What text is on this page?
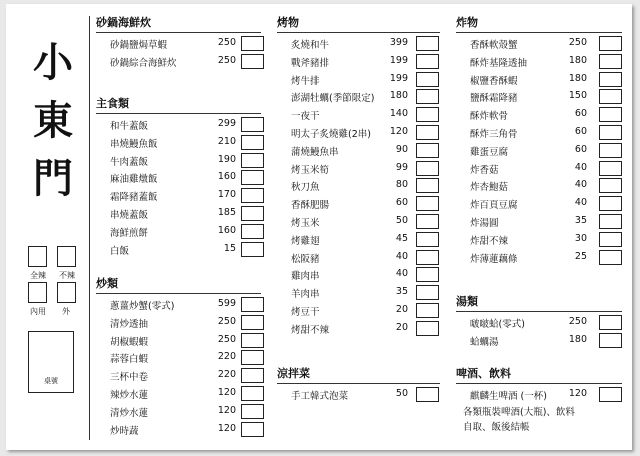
小東門
全辣 不辣
內用 外
桌號
砂鍋海鮮炊
砂鍋鹽焗草蝦	250
砂鍋綜合海鮮炊	250
主食類
和牛蓋飯	299
串燒鰻魚飯	210
牛肉蓋飯	190
麻油雞燉飯	160
霜降豬蓋飯	170
串燒蓋飯	185
海鮮煎餅	160
白飯	15
炒類
蔥薑炒蟹(零式)	599
清炒透抽	250
胡椒蝦蝦	250
蒜蓉白蝦	220
三杯中卷	220
辣炒水蓮	120
清炒水蓮	120
炒時蔬	120
烤物
炙燒和牛	399
戰斧豬排	199
烤牛排	199
澎湖牡蠣(季節限定)	180
一夜干	140
明太子炙燒雞(2串)	120
蒲燒鰻魚串	90
烤玉米筍	99
秋刀魚	80
香酥肥腸	60
烤玉米	50
烤雞翅	45
松阪豬	40
雞肉串	40
羊肉串	35
烤豆干	20
烤甜不辣	20
涼拌菜
手工韓式泡菜	50
炸物
香酥軟殼蟹	250
酥炸基隆透抽	180
椒鹽香酥蝦	180
鹽酥霜降豬	150
酥炸軟骨	60
酥炸三角骨	60
雞蛋豆腐	60
炸香菇	40
炸杏鮑菇	40
炸百頁豆腐	40
炸湯圓	35
炸甜不辣	30
炸薄蓮藕條	25
湯類
啵啵蛤(零式)	250
蛤蠣湯	180
啤酒、飲料
麒麟生啤酒 (一杯)	120
各類瓶裝啤酒(大瓶)、飲料
自取、飯後結帳
